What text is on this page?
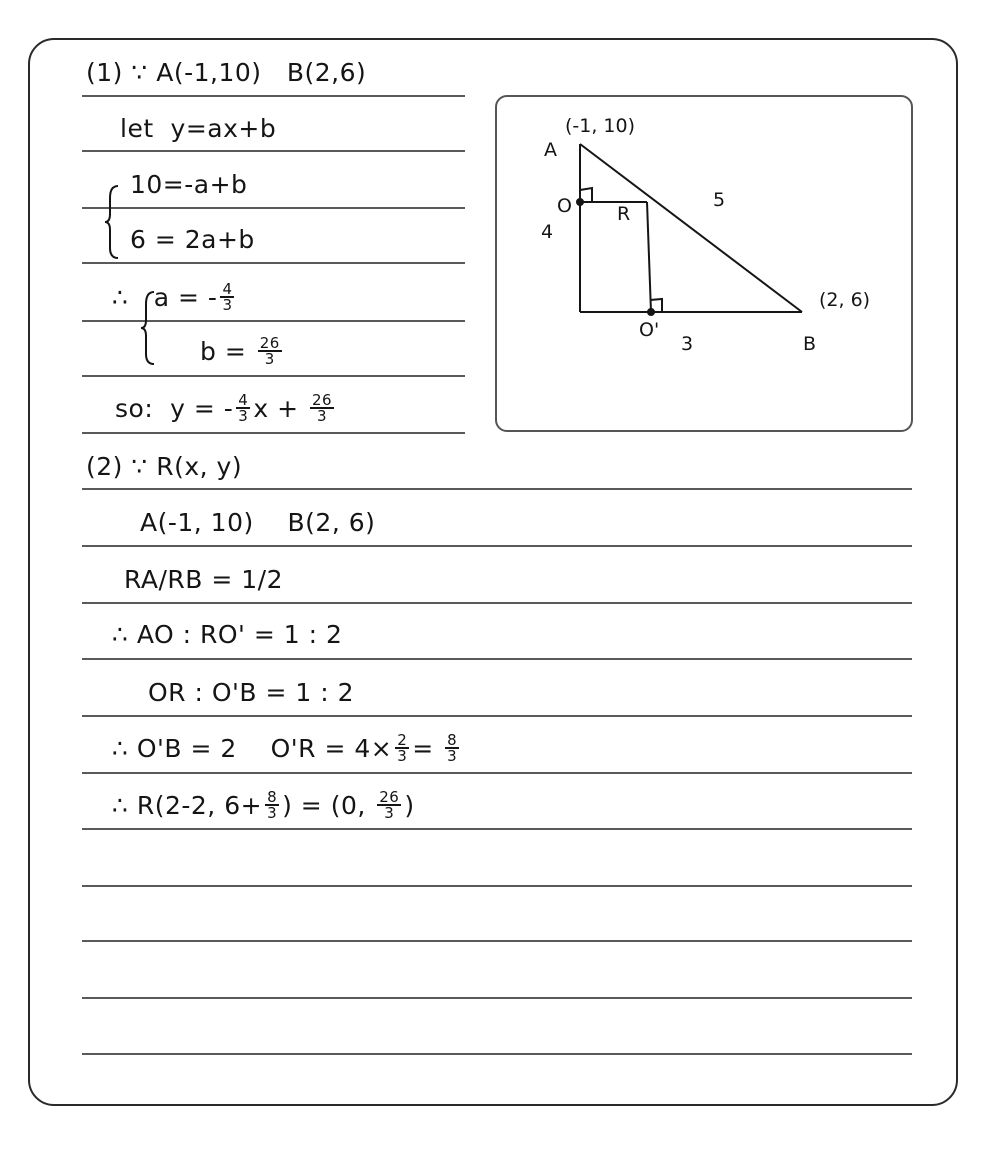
(1) ∵ A(-1,10)   B(2,6)
let  y=ax+b
10=-a+b
6 = 2a+b
∴   a = - $\frac{4}{3}$
$b = \frac{26}{3}$
so:  y = - $\frac{4}{3}$ $x + \frac{26}{3}$
(2) ∵ R(x, y)
A(-1, 10)    B(2, 6)
RA/RB = 1/2
∴ AO : RO' = 1 : 2
OR : O'B = 1 : 2
∴ O'B = 2    $O'R = 4\times \frac{2}{3} = \frac{8}{3}$
∴ R(2-2, $6+ \frac{8}{3}$ ) = (0, $\frac{26}{3}$ )
A
(-1, 10)
O R
5
4
O'
3
(2, 6)
B
